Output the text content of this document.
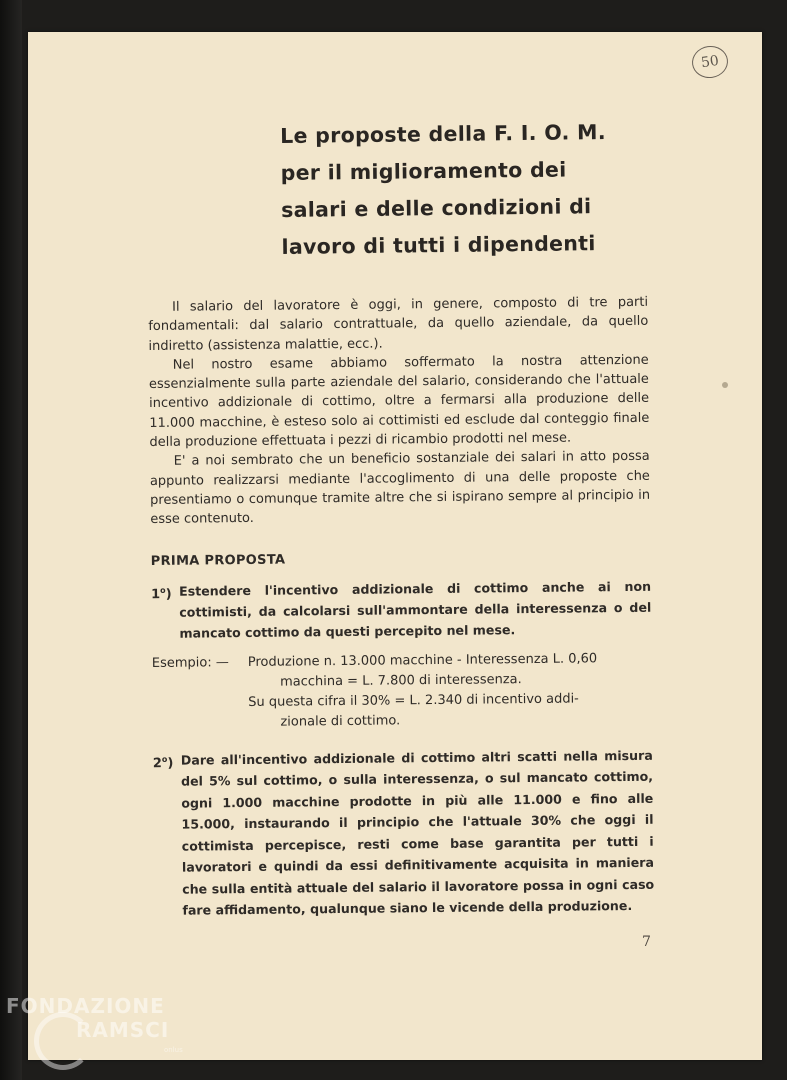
50
Le proposte della F. I. O. M.
per il miglioramento dei
salari e delle condizioni di
lavoro di tutti i dipendenti

Il salario del lavoratore è oggi, in genere, composto di tre parti fondamentali: dal salario contrattuale, da quello aziendale, da quello indiretto (assistenza malattie, ecc.).

Nel nostro esame abbiamo soffermato la nostra attenzione essenzialmente sulla parte aziendale del salario, considerando che l'attuale incentivo addizionale di cottimo, oltre a fermarsi alla produzione delle 11.000 macchine, è esteso solo ai cottimisti ed esclude dal conteggio finale della produzione effettuata i pezzi di ricambio prodotti nel mese.

E' a noi sembrato che un beneficio sostanziale dei salari in atto possa appunto realizzarsi mediante l'accoglimento di una delle proposte che presentiamo o comunque tramite altre che si ispirano sempre al principio in esse contenuto.

PRIMA PROPOSTA
1$^o$) Estendere l'incentivo addizionale di cottimo anche ai non cottimisti, da calcolarsi sull'ammontare della interessenza o del mancato cottimo da questi percepito nel mese.
Esempio: —	Produzione n. 13.000 macchine - Interessenza L. 0,60
macchina = L. 7.800 di interessenza.
Su questa cifra il 30% = L. 2.340 di incentivo addi-
zionale di cottimo.
2$^o$) Dare all'incentivo addizionale di cottimo altri scatti nella misura del 5% sul cottimo, o sulla interessenza, o sul mancato cottimo, ogni 1.000 macchine prodotte in più alle 11.000 e fino alle 15.000, instaurando il principio che l'attuale 30% che oggi il cottimista percepisce, resti come base garantita per tutti i lavoratori e quindi da essi definitivamente acquisita in maniera che sulla entità attuale del salario il lavoratore possa in ogni caso fare affidamento, qualunque siano le vicende della produzione.
7
FONDAZIONE
RAMSCI
onlus
